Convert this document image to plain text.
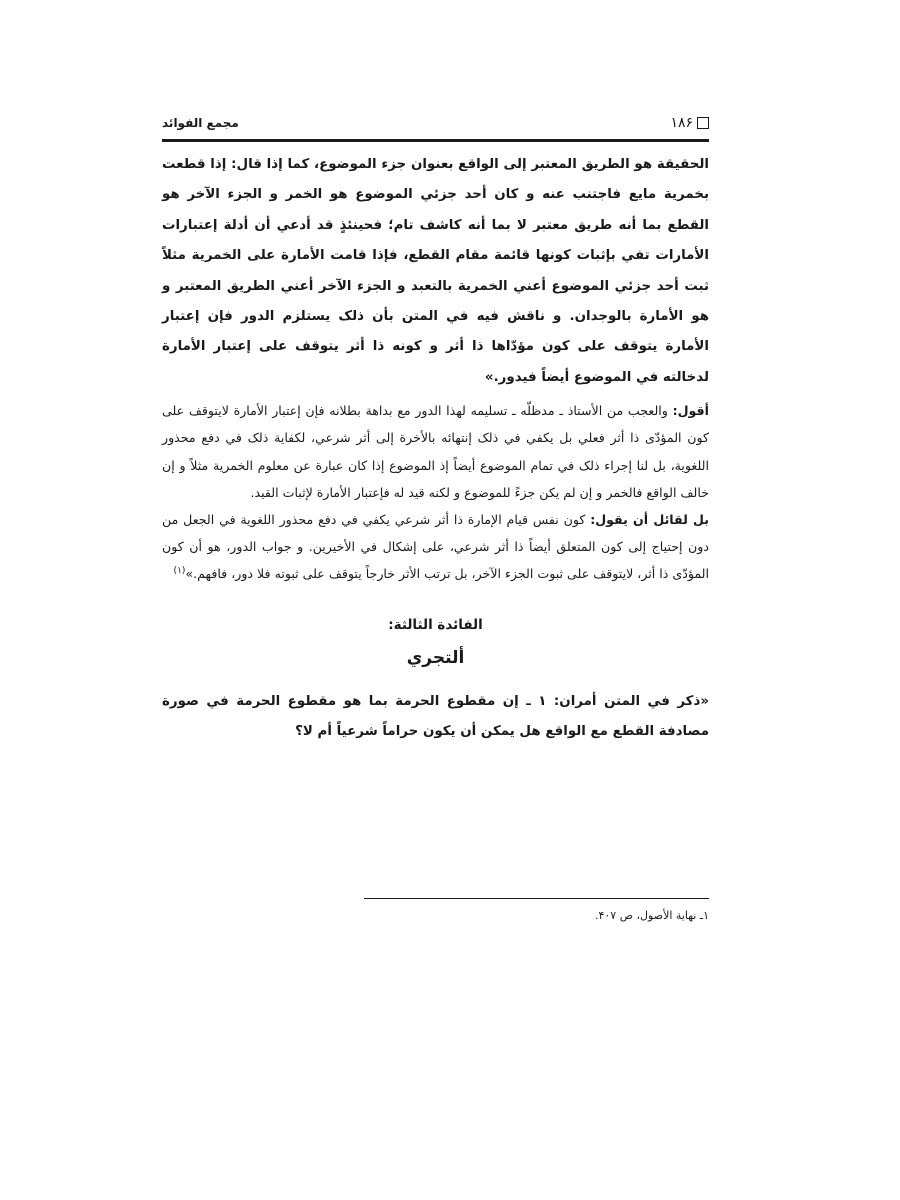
١٨۶
مجمع الفوائد

الحقيقة هو الطريق المعتبر إلى الواقع بعنوان جزء الموضوع، كما إذا قال: إذا قطعت بخمرية مايع فاجتنب عنه و كان أحد جزئي الموضوع هو الخمر و الجزء الآخر هو القطع بما أنه طريق معتبر لا بما أنه كاشف تام؛ فحينئذٍ قد أدعي أن أدلة إعتبارات الأمارات تفي بإثبات كونها قائمة مقام القطع، فإذا قامت الأمارة على الخمرية مثلاً ثبت أحد جزئي الموضوع أعني الخمرية بالتعبد و الجزء الآخر أعني الطريق المعتبر و هو الأمارة بالوجدان. و ناقش فيه في المتن بأن ذلک يستلزم الدور فإن إعتبار الأمارة يتوقف على كون مؤدّاها ذا أثر و كونه ذا أثر يتوقف على إعتبار الأمارة لدخالته في الموضوع أيضاً فيدور.»

أقول: والعجب من الأستاذ ـ مدظلّه ـ تسليمه لهذا الدور مع بداهة بطلانه فإن إعتبار الأمارة لايتوقف على كون المؤدّى ذا أثر فعلي بل يكفي في ذلک إنتهائه بالأخرة إلى أثر شرعي، لكفاية ذلک في دفع محذور اللغوية، بل لنا إجراء ذلک في تمام الموضوع أيضاً إذ الموضوع إذا كان عبارة عن معلوم الخمرية مثلاً و إن خالف الواقع فالخمر و إن لم يكن جزءً للموضوع و لكنه قيد له فإعتبار الأمارة لإثبات القيد.

بل لقائل أن يقول: كون نفس قيام الإمارة ذا أثر شرعي يكفي في دفع محذور اللغوية في الجعل من دون إحتياج إلى كون المتعلق أيضاً ذا أثر شرعي، على إشكال في الأخيرين. و جواب الدور، هو أن كون المؤدّى ذا أثر، لايتوقف على ثبوت الجزء الآخر، بل ترتب الأثر خارجاً يتوقف على ثبوته فلا دور، فافهم.»$^{(١)}$

الفائدة الثالثة:
ألتجري

«ذكر في المتن أمران: ١ ـ إن مقطوع الحرمة بما هو مقطوع الحرمة في صورة مصادفة القطع مع الواقع هل يمكن أن يكون حراماً شرعياً أم لا؟

١ـ نهاية الأصول، ص ۴٠٧.
